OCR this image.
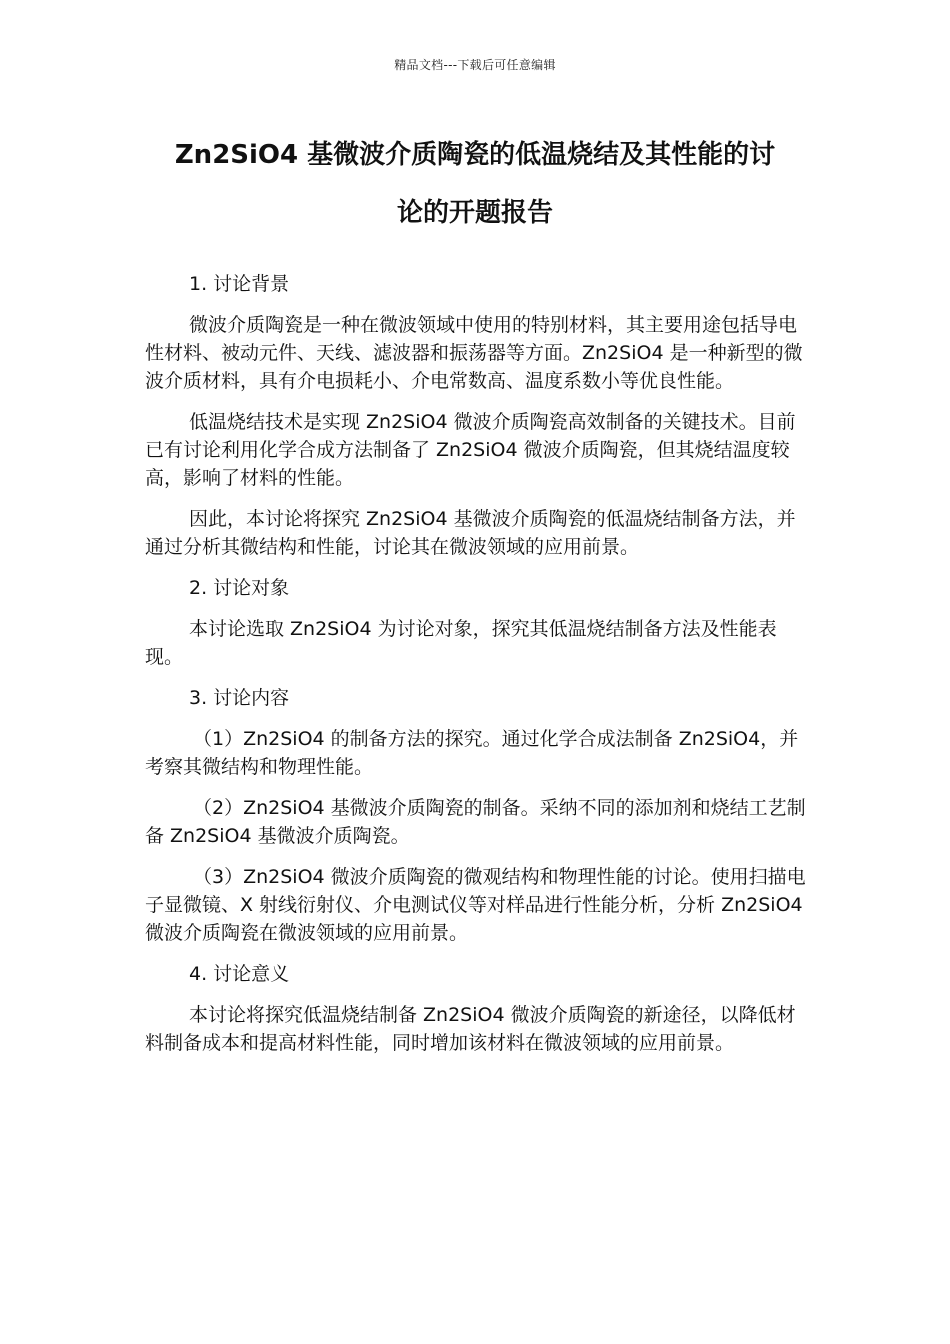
精品文档---下载后可任意编辑
Zn2SiO4 基微波介质陶瓷的低温烧结及其性能的讨
论的开题报告

1. 讨论背景

微波介质陶瓷是一种在微波领域中使用的特别材料，其主要用途包括导电性材料、被动元件、天线、滤波器和振荡器等方面。Zn2SiO4 是一种新型的微波介质材料，具有介电损耗小、介电常数高、温度系数小等优良性能。

低温烧结技术是实现 Zn2SiO4 微波介质陶瓷高效制备的关键技术。目前已有讨论利用化学合成方法制备了 Zn2SiO4 微波介质陶瓷，但其烧结温度较高，影响了材料的性能。

因此，本讨论将探究 Zn2SiO4 基微波介质陶瓷的低温烧结制备方法，并通过分析其微结构和性能，讨论其在微波领域的应用前景。

2. 讨论对象

本讨论选取 Zn2SiO4 为讨论对象，探究其低温烧结制备方法及性能表现。

3. 讨论内容

（1）Zn2SiO4 的制备方法的探究。通过化学合成法制备 Zn2SiO4，并考察其微结构和物理性能。

（2）Zn2SiO4 基微波介质陶瓷的制备。采纳不同的添加剂和烧结工艺制备 Zn2SiO4 基微波介质陶瓷。

（3）Zn2SiO4 微波介质陶瓷的微观结构和物理性能的讨论。使用扫描电子显微镜、X 射线衍射仪、介电测试仪等对样品进行性能分析，分析 Zn2SiO4 微波介质陶瓷在微波领域的应用前景。

4. 讨论意义

本讨论将探究低温烧结制备 Zn2SiO4 微波介质陶瓷的新途径，以降低材料制备成本和提高材料性能，同时增加该材料在微波领域的应用前景。
